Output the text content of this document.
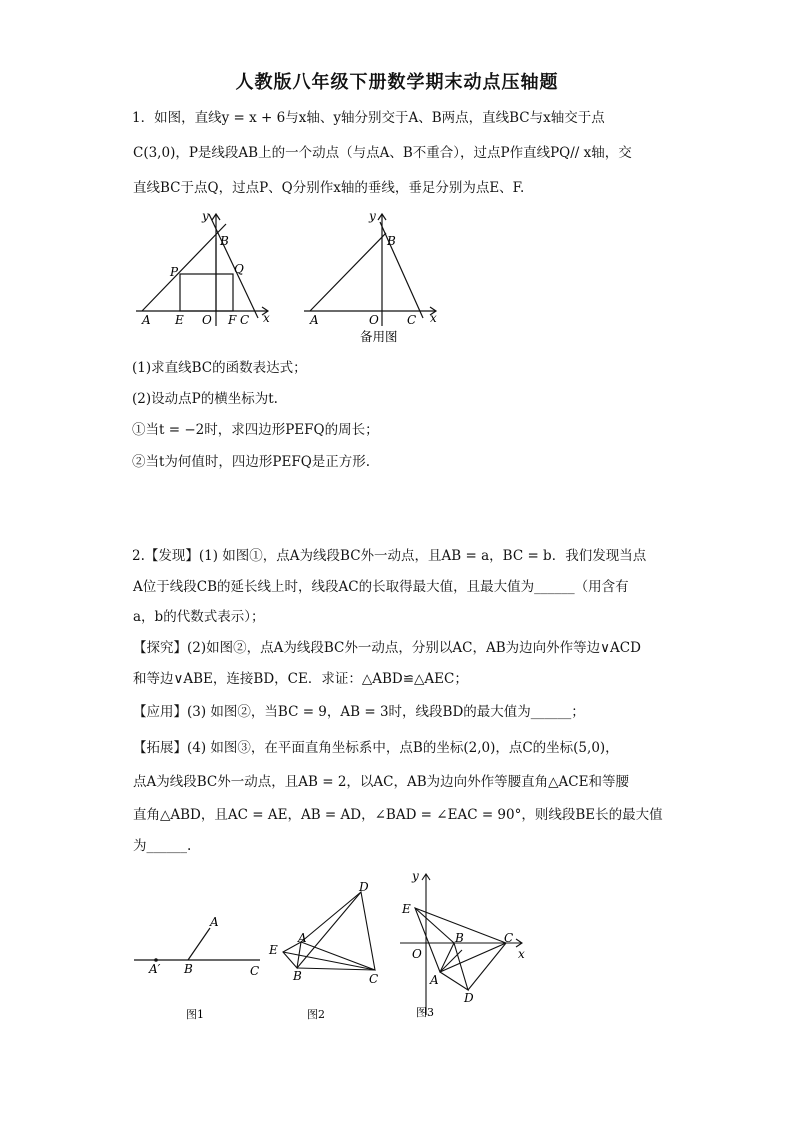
人教版八年级下册数学期末动点压轴题
1．如图，直线y = x + 6与x轴、y轴分别交于A、B两点，直线BC与x轴交于点
C(3,0)，P是线段AB上的一个动点（与点A、B不重合），过点P作直线PQ// x轴，交
直线BC于点Q，过点P、Q分别作x轴的垂线，垂足分别为点E、F.
y
B
P	Q
A E O F C x
y
B
A	O C x
备用图
(1)求直线BC的函数表达式；
(2)设动点P的横坐标为t.
①当t = −2时，求四边形PEFQ的周长；
②当t为何值时，四边形PEFQ是正方形.
2.【发现】(1) 如图①，点A为线段BC外一动点，且AB = a，BC = b．我们发现当点
A位于线段CB的延长线上时，线段AC的长取得最大值，且最大值为______（用含有
a，b的代数式表示）；
【探究】(2)如图②，点A为线段BC外一动点，分别以AC，AB为边向外作等边∨ACD
和等边∨ABE，连接BD，CE．求证：△ABD≌△AEC；
【应用】(3) 如图②，当BC = 9，AB = 3时，线段BD的最大值为______；
【拓展】(4) 如图③，在平面直角坐标系中，点B的坐标(2,0)，点C的坐标(5,0)，
点A为线段BC外一动点，且AB = 2，以AC，AB为边向外作等腰直角△ACE和等腰
直角△ABD，且AC = AE，AB = AD，∠BAD = ∠EAC = 90°，则线段BE长的最大值
为______.
A
A′ B	C
图1
D
E
A
B	C
图2
y
E
O
B	C
x
A
D
图3
